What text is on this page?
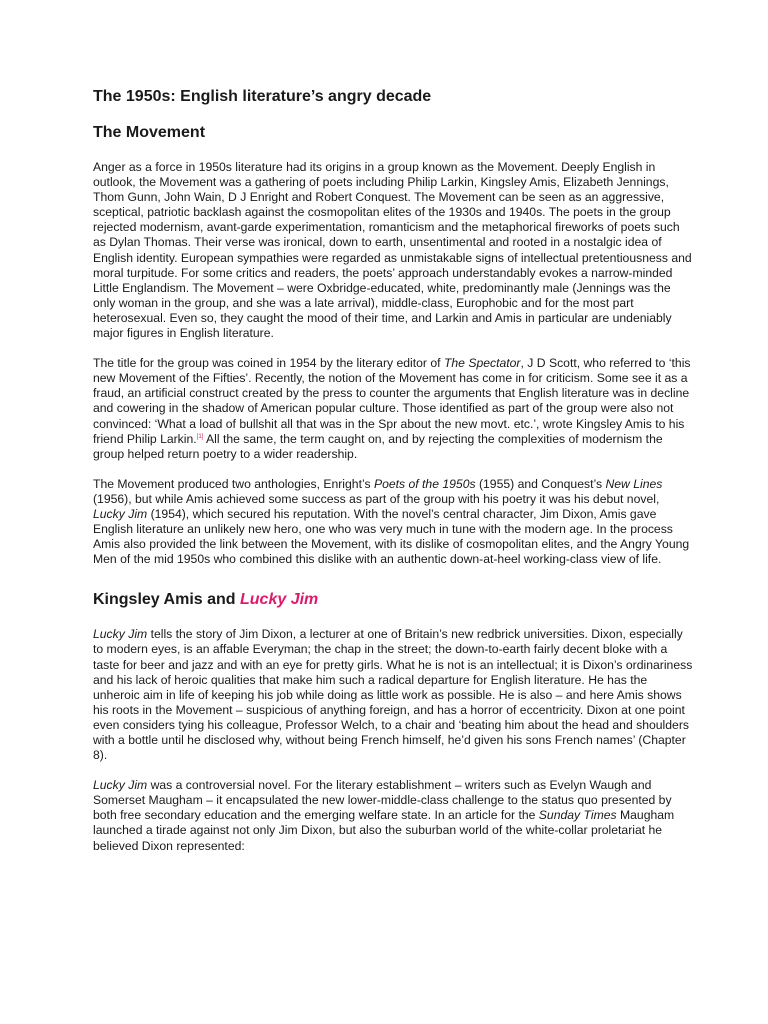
The 1950s: English literature’s angry decade
The Movement

Anger as a force in 1950s literature had its origins in a group known as the Movement. Deeply English in outlook, the Movement was a gathering of poets including Philip Larkin, Kingsley Amis, Elizabeth Jennings, Thom Gunn, John Wain, D J Enright and Robert Conquest. The Movement can be seen as an aggressive, sceptical, patriotic backlash against the cosmopolitan elites of the 1930s and 1940s. The poets in the group rejected modernism, avant-garde experimentation, romanticism and the metaphorical fireworks of poets such as Dylan Thomas. Their verse was ironical, down to earth, unsentimental and rooted in a nostalgic idea of English identity. European sympathies were regarded as unmistakable signs of intellectual pretentiousness and moral turpitude. For some critics and readers, the poets’ approach understandably evokes a narrow-minded Little Englandism. The Movement – were Oxbridge-educated, white, predominantly male (Jennings was the only woman in the group, and she was a late arrival), middle-class, Europhobic and for the most part heterosexual. Even so, they caught the mood of their time, and Larkin and Amis in particular are undeniably major figures in English literature.

The title for the group was coined in 1954 by the literary editor of The Spectator, J D Scott, who referred to ‘this new Movement of the Fifties’. Recently, the notion of the Movement has come in for criticism. Some see it as a fraud, an artificial construct created by the press to counter the arguments that English literature was in decline and cowering in the shadow of American popular culture. Those identified as part of the group were also not convinced: ‘What a load of bullshit all that was in the Spr about the new movt. etc.’, wrote Kingsley Amis to his friend Philip Larkin.[1] All the same, the term caught on, and by rejecting the complexities of modernism the group helped return poetry to a wider readership.

The Movement produced two anthologies, Enright’s Poets of the 1950s (1955) and Conquest’s New Lines (1956), but while Amis achieved some success as part of the group with his poetry it was his debut novel, Lucky Jim (1954), which secured his reputation. With the novel’s central character, Jim Dixon, Amis gave English literature an unlikely new hero, one who was very much in tune with the modern age. In the process Amis also provided the link between the Movement, with its dislike of cosmopolitan elites, and the Angry Young Men of the mid 1950s who combined this dislike with an authentic down-at-heel working-class view of life.

Kingsley Amis and Lucky Jim

Lucky Jim tells the story of Jim Dixon, a lecturer at one of Britain’s new redbrick universities. Dixon, especially to modern eyes, is an affable Everyman; the chap in the street; the down-to-earth fairly decent bloke with a taste for beer and jazz and with an eye for pretty girls. What he is not is an intellectual; it is Dixon’s ordinariness and his lack of heroic qualities that make him such a radical departure for English literature. He has the unheroic aim in life of keeping his job while doing as little work as possible. He is also – and here Amis shows his roots in the Movement – suspicious of anything foreign, and has a horror of eccentricity. Dixon at one point even considers tying his colleague, Professor Welch, to a chair and ‘beating him about the head and shoulders with a bottle until he disclosed why, without being French himself, he’d given his sons French names’ (Chapter 8).

Lucky Jim was a controversial novel. For the literary establishment – writers such as Evelyn Waugh and Somerset Maugham – it encapsulated the new lower-middle-class challenge to the status quo presented by both free secondary education and the emerging welfare state. In an article for the Sunday Times Maugham launched a tirade against not only Jim Dixon, but also the suburban world of the white-collar proletariat he believed Dixon represented:
